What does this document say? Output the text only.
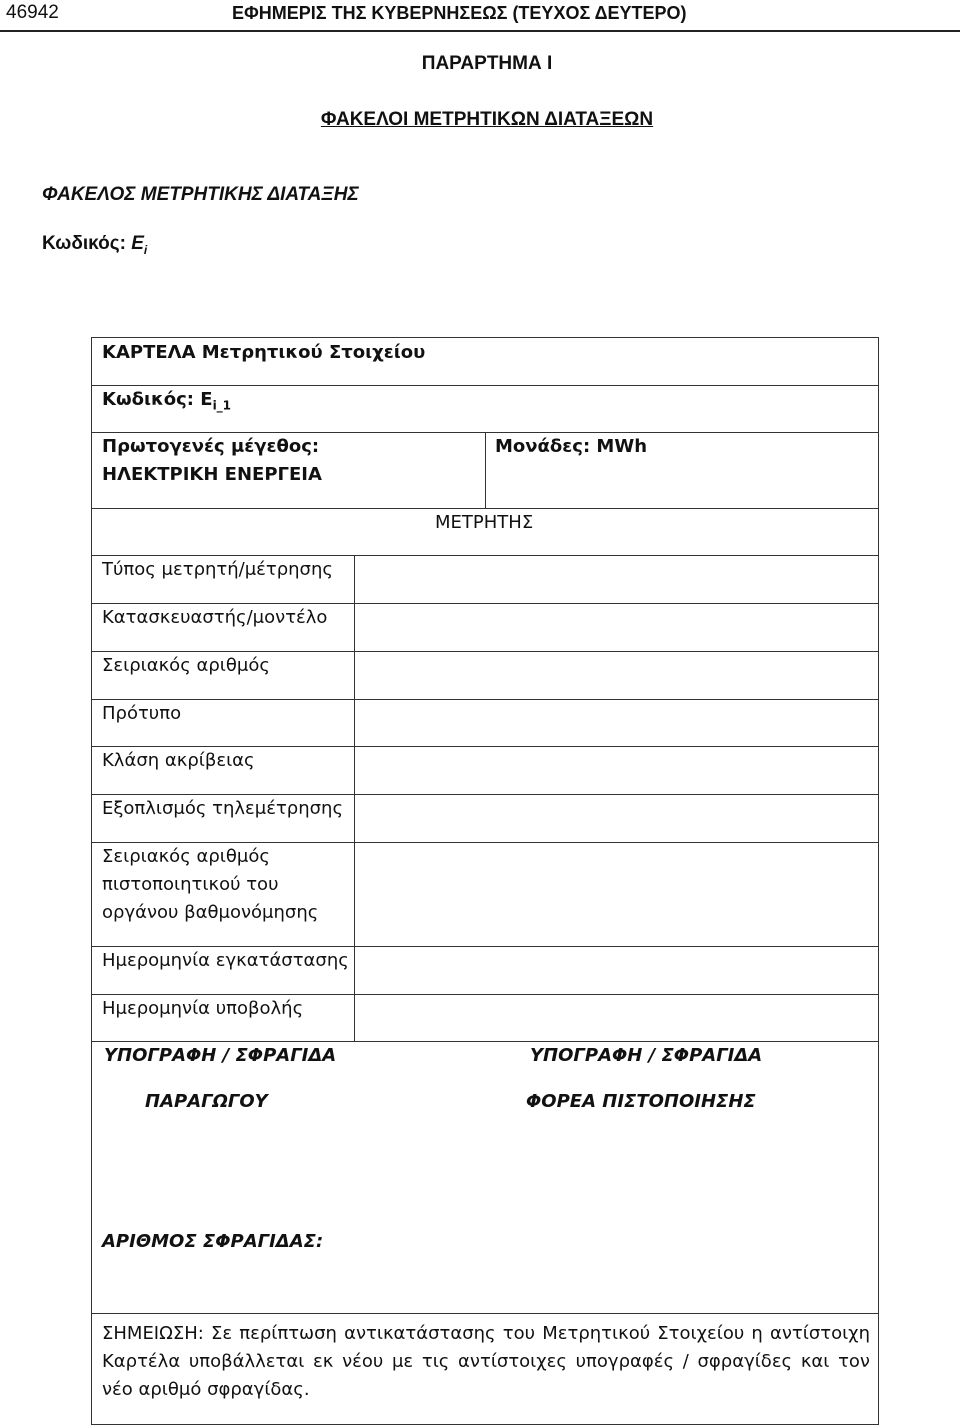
46942	ΕΦΗΜΕΡΙΣ ΤΗΣ ΚΥΒΕΡΝΗΣΕΩΣ (ΤΕΥΧΟΣ ΔΕΥΤΕΡΟ)
ΠΑΡΑΡΤΗΜΑ Ι
ΦΑΚΕΛΟΙ ΜΕΤΡΗΤΙΚΩΝ ΔΙΑΤΑΞΕΩΝ
ΦΑΚΕΛΟΣ ΜΕΤΡΗΤΙΚΗΣ ΔΙΑΤΑΞΗΣ
Κωδικός: $E_i$
ΚΑΡΤΕΛΑ Μετρητικού Στοιχείου
Κωδικός: $E_{i\_1}$
Πρωτογενές μέγεθος:
ΗΛΕΚΤΡΙΚΗ ΕΝΕΡΓΕΙΑ
Μονάδες: MWh
ΜΕΤΡΗΤΗΣ
Τύπος μετρητή/μέτρησης
Κατασκευαστής/μοντέλο
Σειριακός αριθμός
Πρότυπο
Κλάση ακρίβειας
Εξοπλισμός τηλεμέτρησης
Σειριακός αριθμός
πιστοποιητικού του
οργάνου βαθμονόμησης
Ημερομηνία εγκατάστασης
Ημερομηνία υποβολής
ΥΠΟΓΡΑΦΗ / ΣΦΡΑΓΙΔΑ
ΠΑΡΑΓΩΓΟΥ
ΥΠΟΓΡΑΦΗ / ΣΦΡΑΓΙΔΑ
ΦΟΡΕΑ ΠΙΣΤΟΠΟΙΗΣΗΣ
ΑΡΙΘΜΟΣ ΣΦΡΑΓΙΔΑΣ:
ΣΗΜΕΙΩΣΗ: Σε περίπτωση αντικατάστασης του Μετρητικού Στοιχείου η αντίστοιχη Καρτέλα υποβάλλεται εκ νέου με τις αντίστοιχες υπογραφές / σφραγίδες και τον νέο αριθμό σφραγίδας.
